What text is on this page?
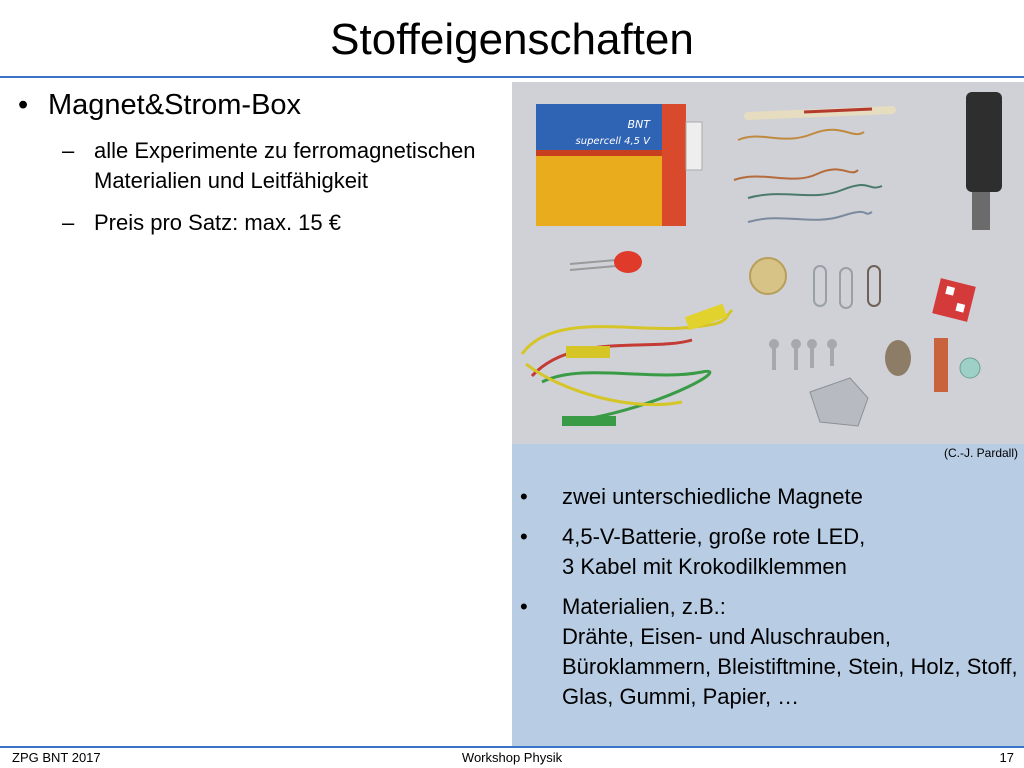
Stoffeigenschaften
• Magnet&Strom-Box
– alle Experimente zu ferromagnetischen Materialien und Leitfähigkeit
– Preis pro Satz: max. 15 €
BNT
supercell 4,5 V
(C.-J. Pardall)
• zwei unterschiedliche Magnete
• 4,5-V-Batterie, große rote LED,
3 Kabel mit Krokodilklemmen
• Materialien, z.B.:
Drähte, Eisen- und Aluschrauben, Büroklammern, Bleistiftmine, Stein, Holz, Stoff, Glas, Gummi, Papier, …
ZPG BNT 2017	Workshop Physik	17
